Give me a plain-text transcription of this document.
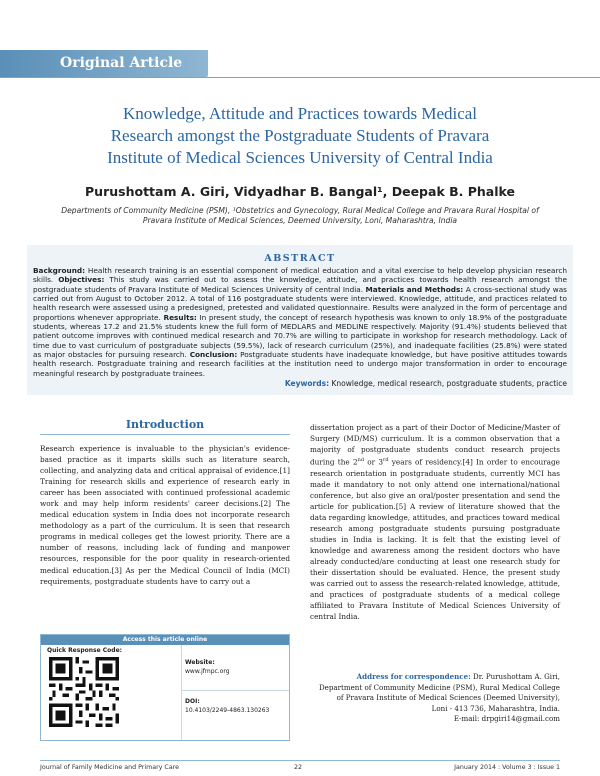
Original Article
Knowledge, Attitude and Practices towards Medical
Research amongst the Postgraduate Students of Pravara
Institute of Medical Sciences University of Central India
Purushottam A. Giri, Vidyadhar B. Bangal¹, Deepak B. Phalke
Departments of Community Medicine (PSM), ¹Obstetrics and Gynecology, Rural Medical College and Pravara Rural Hospital of
Pravara Institute of Medical Sciences, Deemed University, Loni, Maharashtra, India
ABSTRACT
Background: Health research training is an essential component of medical education and a vital exercise to help develop physician research skills. Objectives: This study was carried out to assess the knowledge, attitude, and practices towards health research amongst the postgraduate students of Pravara Institute of Medical Sciences University of central India. Materials and Methods: A cross-sectional study was carried out from August to October 2012. A total of 116 postgraduate students were interviewed. Knowledge, attitude, and practices related to health research were assessed using a predesigned, pretested and validated questionnaire. Results were analyzed in the form of percentage and proportions whenever appropriate. Results: In present study, the concept of research hypothesis was known to only 18.9% of the postgraduate students, whereas 17.2 and 21.5% students knew the full form of MEDLARS and MEDLINE respectively. Majority (91.4%) students believed that patient outcome improves with continued medical research and 70.7% are willing to participate in workshop for research methodology. Lack of time due to vast curriculum of postgraduate subjects (59.5%), lack of research curriculum (25%), and inadequate facilities (25.8%) were stated as major obstacles for pursuing research. Conclusion: Postgraduate students have inadequate knowledge, but have positive attitudes towards health research. Postgraduate training and research facilities at the institution need to undergo major transformation in order to encourage meaningful research by postgraduate trainees.
Keywords: Knowledge, medical research, postgraduate students, practice
Introduction

Research experience is invaluable to the physician's evidence-based practice as it imparts skills such as literature search, collecting, and analyzing data and critical appraisal of evidence.[1] Training for research skills and experience of research early in career has been associated with continued professional academic work and may help inform residents' career decisions.[2] The medical education system in India does not incorporate research methodology as a part of the curriculum. It is seen that research programs in medical colleges get the lowest priority. There are a number of reasons, including lack of funding and manpower resources, responsible for the poor quality in research-oriented medical education.[3] As per the Medical Council of India (MCI) requirements, postgraduate students have to carry out a

dissertation project as a part of their Doctor of Medicine/Master of Surgery (MD/MS) curriculum. It is a common observation that a majority of postgraduate students conduct research projects during the 2nd or 3rd years of residency.[4] In order to encourage research orientation in postgraduate students, currently MCI has made it mandatory to not only attend one international/national conference, but also give an oral/poster presentation and send the article for publication.[5] A review of literature showed that the data regarding knowledge, attitudes, and practices toward medical research among postgraduate students pursuing postgraduate studies in India is lacking. It is felt that the existing level of knowledge and awareness among the resident doctors who have already conducted/are conducting at least one research study for their dissertation should be evaluated. Hence, the present study was carried out to assess the research-related knowledge, attitude, and practices of postgraduate students of a medical college affiliated to Pravara Institute of Medical Sciences University of central India.
Access this article online
Quick Response Code:
Website:
www.jfmpc.org
DOI:
10.4103/2249-4863.130263
Address for correspondence: Dr. Purushottam A. Giri,
Department of Community Medicine (PSM), Rural Medical College
of Pravara Institute of Medical Sciences (Deemed University),
Loni - 413 736, Maharashtra, India.
E-mail: drpgiri14@gmail.com
Journal of Family Medicine and Primary Care	22	January 2014 : Volume 3 : Issue 1
